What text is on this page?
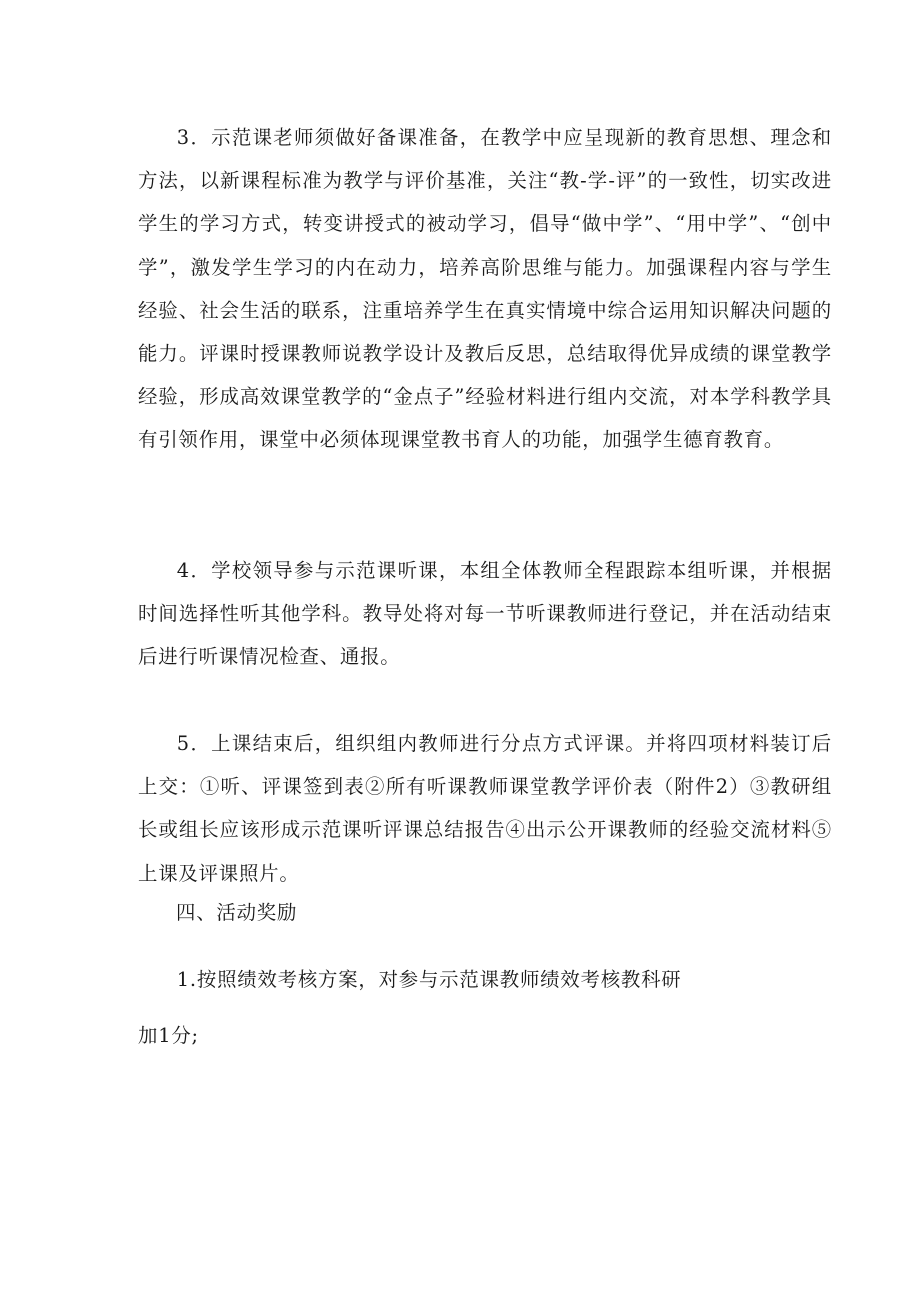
3．示范课老师须做好备课准备，在教学中应呈现新的教育思想、理念和方法，以新课程标准为教学与评价基准，关注“教-学-评”的一致性，切实改进学生的学习方式，转变讲授式的被动学习，倡导“做中学”、“用中学”、“创中学”，激发学生学习的内在动力，培养高阶思维与能力。加强课程内容与学生经验、社会生活的联系，注重培养学生在真实情境中综合运用知识解决问题的能力。评课时授课教师说教学设计及教后反思，总结取得优异成绩的课堂教学经验，形成高效课堂教学的“金点子”经验材料进行组内交流，对本学科教学具有引领作用，课堂中必须体现课堂教书育人的功能，加强学生德育教育。

4．学校领导参与示范课听课，本组全体教师全程跟踪本组听课，并根据时间选择性听其他学科。教导处将对每一节听课教师进行登记，并在活动结束后进行听课情况检查、通报。

5．上课结束后，组织组内教师进行分点方式评课。并将四项材料装订后上交：①听、评课签到表②所有听课教师课堂教学评价表（附件2）③教研组长或组长应该形成示范课听评课总结报告④出示公开课教师的经验交流材料⑤上课及评课照片。

四、活动奖励

1.按照绩效考核方案，对参与示范课教师绩效考核教科研

加1分;
